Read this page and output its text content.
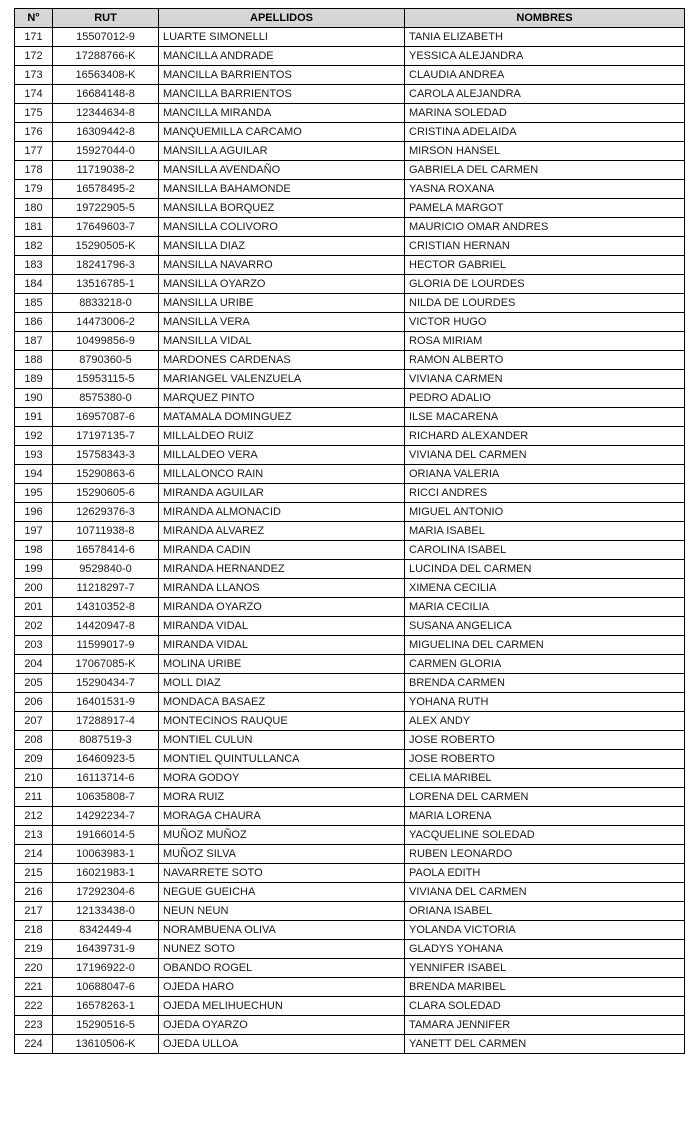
N°	RUT	APELLIDOS	NOMBRES
171	15507012-9	LUARTE SIMONELLI	TANIA ELIZABETH
172	17288766-K	MANCILLA ANDRADE	YESSICA ALEJANDRA
173	16563408-K	MANCILLA BARRIENTOS	CLAUDIA ANDREA
174	16684148-8	MANCILLA BARRIENTOS	CAROLA ALEJANDRA
175	12344634-8	MANCILLA MIRANDA	MARINA SOLEDAD
176	16309442-8	MANQUEMILLA CARCAMO	CRISTINA ADELAIDA
177	15927044-0	MANSILLA AGUILAR	MIRSON HANSEL
178	11719038-2	MANSILLA AVENDAÑO	GABRIELA DEL CARMEN
179	16578495-2	MANSILLA BAHAMONDE	YASNA ROXANA
180	19722905-5	MANSILLA BORQUEZ	PAMELA MARGOT
181	17649603-7	MANSILLA COLIVORO	MAURICIO OMAR ANDRES
182	15290505-K	MANSILLA DIAZ	CRISTIAN HERNAN
183	18241796-3	MANSILLA NAVARRO	HECTOR GABRIEL
184	13516785-1	MANSILLA OYARZO	GLORIA DE LOURDES
185	8833218-0	MANSILLA URIBE	NILDA DE LOURDES
186	14473006-2	MANSILLA VERA	VICTOR HUGO
187	10499856-9	MANSILLA VIDAL	ROSA MIRIAM
188	8790360-5	MARDONES CARDENAS	RAMON ALBERTO
189	15953115-5	MARIANGEL VALENZUELA	VIVIANA CARMEN
190	8575380-0	MARQUEZ PINTO	PEDRO ADALIO
191	16957087-6	MATAMALA DOMINGUEZ	ILSE MACARENA
192	17197135-7	MILLALDEO RUIZ	RICHARD ALEXANDER
193	15758343-3	MILLALDEO VERA	VIVIANA DEL CARMEN
194	15290863-6	MILLALONCO RAIN	ORIANA VALERIA
195	15290605-6	MIRANDA AGUILAR	RICCI ANDRES
196	12629376-3	MIRANDA ALMONACID	MIGUEL ANTONIO
197	10711938-8	MIRANDA ALVAREZ	MARIA ISABEL
198	16578414-6	MIRANDA CADIN	CAROLINA ISABEL
199	9529840-0	MIRANDA HERNANDEZ	LUCINDA DEL CARMEN
200	11218297-7	MIRANDA LLANOS	XIMENA CECILIA
201	14310352-8	MIRANDA OYARZO	MARIA CECILIA
202	14420947-8	MIRANDA VIDAL	SUSANA ANGELICA
203	11599017-9	MIRANDA VIDAL	MIGUELINA DEL CARMEN
204	17067085-K	MOLINA URIBE	CARMEN GLORIA
205	15290434-7	MOLL DIAZ	BRENDA CARMEN
206	16401531-9	MONDACA BASAEZ	YOHANA RUTH
207	17288917-4	MONTECINOS RAUQUE	ALEX ANDY
208	8087519-3	MONTIEL CULUN	JOSE ROBERTO
209	16460923-5	MONTIEL QUINTULLANCA	JOSE ROBERTO
210	16113714-6	MORA GODOY	CELIA MARIBEL
211	10635808-7	MORA RUIZ	LORENA DEL CARMEN
212	14292234-7	MORAGA CHAURA	MARIA LORENA
213	19166014-5	MUÑOZ MUÑOZ	YACQUELINE SOLEDAD
214	10063983-1	MUÑOZ SILVA	RUBEN LEONARDO
215	16021983-1	NAVARRETE SOTO	PAOLA EDITH
216	17292304-6	NEGUE GUEICHA	VIVIANA DEL CARMEN
217	12133438-0	NEUN NEUN	ORIANA ISABEL
218	8342449-4	NORAMBUENA OLIVA	YOLANDA VICTORIA
219	16439731-9	NUNEZ SOTO	GLADYS YOHANA
220	17196922-0	OBANDO ROGEL	YENNIFER ISABEL
221	10688047-6	OJEDA HARO	BRENDA MARIBEL
222	16578263-1	OJEDA MELIHUECHUN	CLARA SOLEDAD
223	15290516-5	OJEDA OYARZO	TAMARA JENNIFER
224	13610506-K	OJEDA ULLOA	YANETT DEL CARMEN
